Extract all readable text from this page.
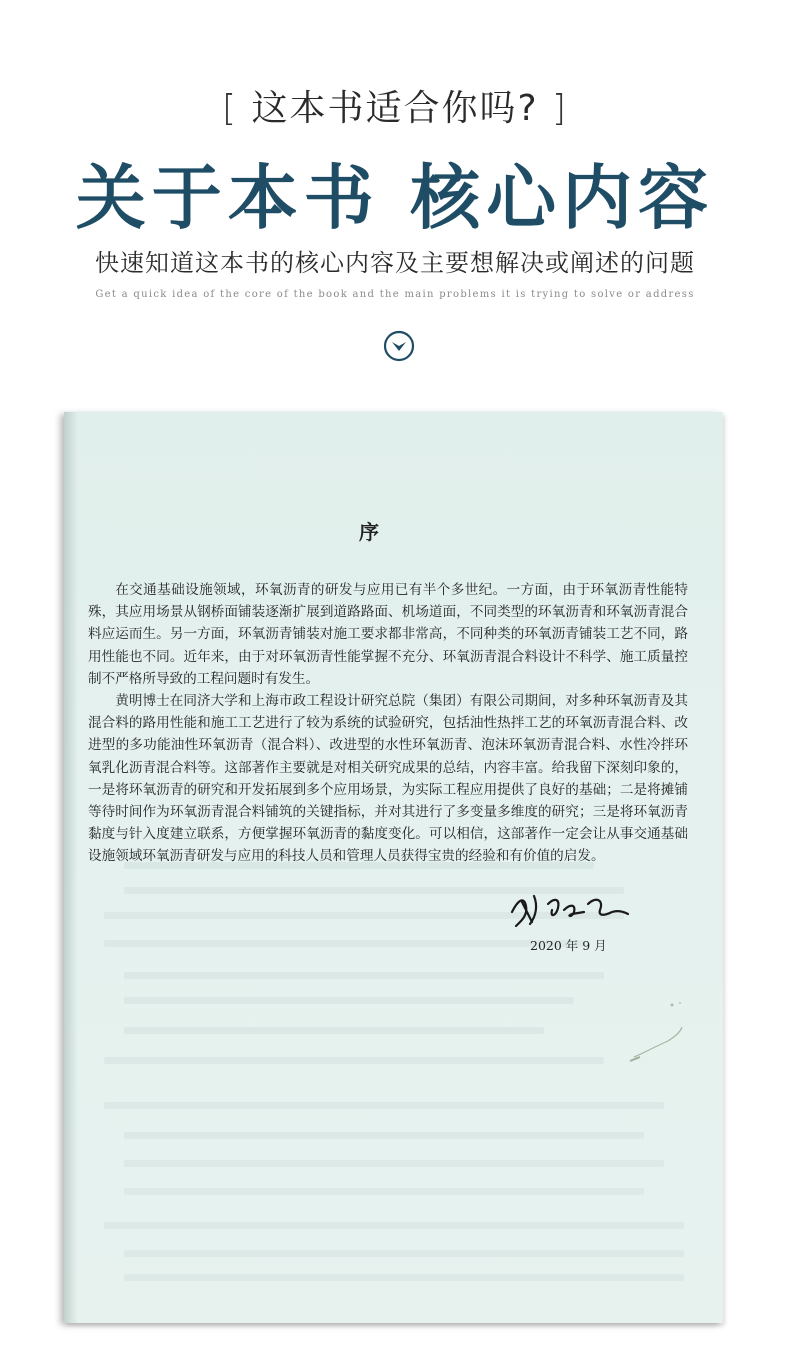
[ 这本书适合你吗? ]
关于本书 核心内容
快速知道这本书的核心内容及主要想解决或阐述的问题
Get a quick idea of the core of the book and the main problems it is trying to solve or address
序

在交通基础设施领域，环氧沥青的研发与应用已有半个多世纪。一方面，由于环氧沥青性能特殊，其应用场景从钢桥面铺装逐渐扩展到道路路面、机场道面，不同类型的环氧沥青和环氧沥青混合料应运而生。另一方面，环氧沥青铺装对施工要求都非常高，不同种类的环氧沥青铺装工艺不同，路用性能也不同。近年来，由于对环氧沥青性能掌握不充分、环氧沥青混合料设计不科学、施工质量控制不严格所导致的工程问题时有发生。

黄明博士在同济大学和上海市政工程设计研究总院（集团）有限公司期间，对多种环氧沥青及其混合料的路用性能和施工工艺进行了较为系统的试验研究，包括油性热拌工艺的环氧沥青混合料、改进型的多功能油性环氧沥青（混合料）、改进型的水性环氧沥青、泡沫环氧沥青混合料、水性冷拌环氧乳化沥青混合料等。这部著作主要就是对相关研究成果的总结，内容丰富。给我留下深刻印象的，一是将环氧沥青的研究和开发拓展到多个应用场景，为实际工程应用提供了良好的基础；二是将摊铺等待时间作为环氧沥青混合料铺筑的关键指标，并对其进行了多变量多维度的研究；三是将环氧沥青黏度与针入度建立联系，方便掌握环氧沥青的黏度变化。可以相信，这部著作一定会让从事交通基础设施领域环氧沥青研发与应用的科技人员和管理人员获得宝贵的经验和有价值的启发。

2020 年 9 月
